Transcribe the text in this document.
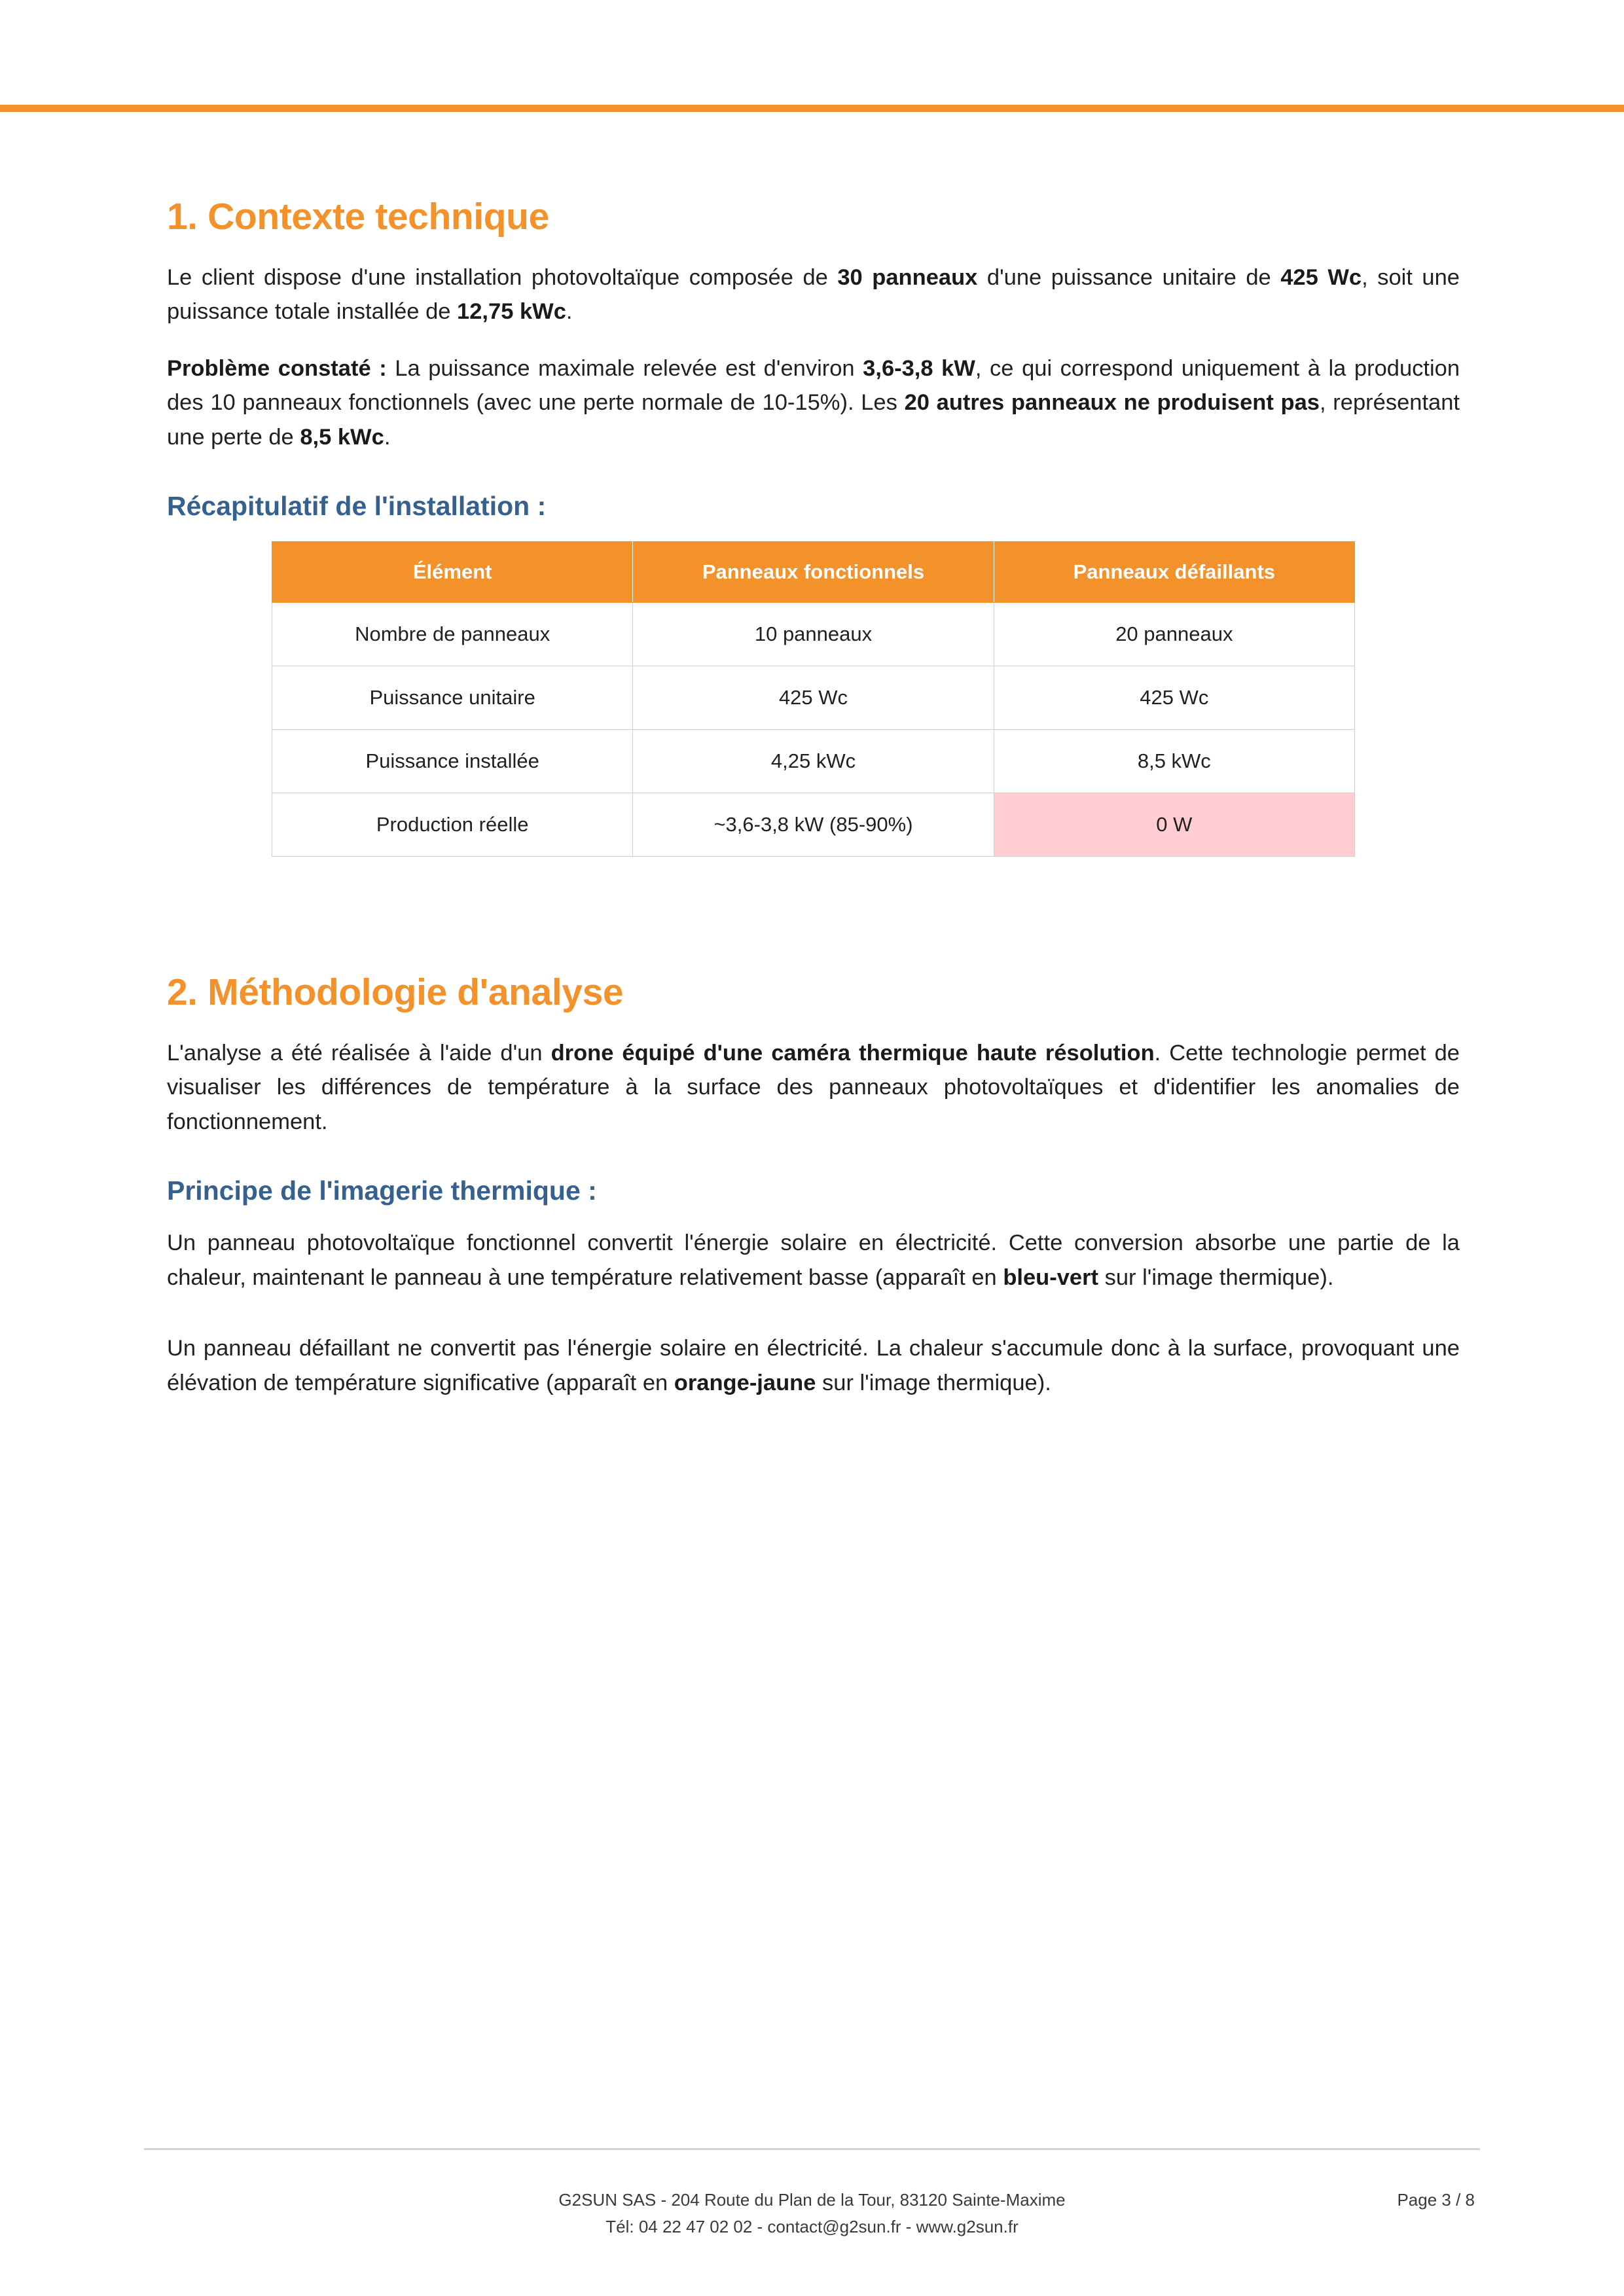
1. Contexte technique

Le client dispose d'une installation photovoltaïque composée de 30 panneaux d'une puissance unitaire de 425 Wc, soit une puissance totale installée de 12,75 kWc.

Problème constaté : La puissance maximale relevée est d'environ 3,6-3,8 kW, ce qui correspond uniquement à la production des 10 panneaux fonctionnels (avec une perte normale de 10-15%). Les 20 autres panneaux ne produisent pas, représentant une perte de 8,5 kWc.

Récapitulatif de l'installation :
Élément	Panneaux fonctionnels	Panneaux défaillants
Nombre de panneaux	10 panneaux	20 panneaux
Puissance unitaire	425 Wc	425 Wc
Puissance installée	4,25 kWc	8,5 kWc
Production réelle	~3,6-3,8 kW (85-90%)	0 W
2. Méthodologie d'analyse

L'analyse a été réalisée à l'aide d'un drone équipé d'une caméra thermique haute résolution. Cette technologie permet de visualiser les différences de température à la surface des panneaux photovoltaïques et d'identifier les anomalies de fonctionnement.

Principe de l'imagerie thermique :

Un panneau photovoltaïque fonctionnel convertit l'énergie solaire en électricité. Cette conversion absorbe une partie de la chaleur, maintenant le panneau à une température relativement basse (apparaît en bleu-vert sur l'image thermique).

Un panneau défaillant ne convertit pas l'énergie solaire en électricité. La chaleur s'accumule donc à la surface, provoquant une élévation de température significative (apparaît en orange-jaune sur l'image thermique).

G2SUN SAS - 204 Route du Plan de la Tour, 83120 Sainte-Maxime
Tél: 04 22 47 02 02 - contact@g2sun.fr - www.g2sun.fr
Page 3 / 8
